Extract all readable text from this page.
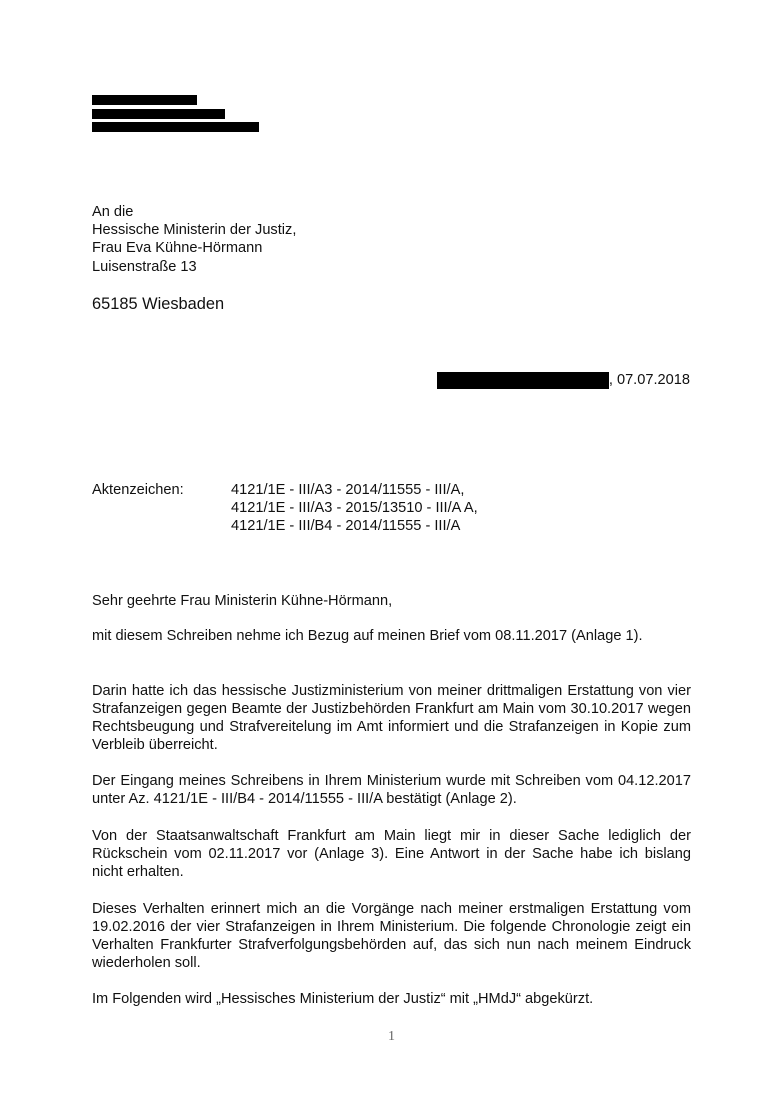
An die
Hessische Ministerin der Justiz,
Frau Eva Kühne-Hörmann
Luisenstraße 13
65185 Wiesbaden
, 07.07.2018
Aktenzeichen:	4121/1E - III/A3 - 2014/11555 - III/A,
4121/1E - III/A3 - 2015/13510 - III/A A,
4121/1E - III/B4 - 2014/11555 - III/A
Sehr geehrte Frau Ministerin Kühne-Hörmann,

mit diesem Schreiben nehme ich Bezug auf meinen Brief vom 08.11.2017 (Anlage 1).

Darin hatte ich das hessische Justizministerium von meiner drittmaligen Erstattung von vier Strafanzeigen gegen Beamte der Justizbehörden Frankfurt am Main vom 30.10.2017 wegen Rechtsbeugung und Strafvereitelung im Amt informiert und die Strafanzeigen in Kopie zum Verbleib überreicht.

Der Eingang meines Schreibens in Ihrem Ministerium wurde mit Schreiben vom 04.12.2017 unter Az. 4121/1E - III/B4 - 2014/11555 - III/A bestätigt (Anlage 2).

Von der Staatsanwaltschaft Frankfurt am Main liegt mir in dieser Sache lediglich der Rückschein vom 02.11.2017 vor (Anlage 3). Eine Antwort in der Sache habe ich bislang nicht erhalten.

Dieses Verhalten erinnert mich an die Vorgänge nach meiner erstmaligen Erstattung vom 19.02.2016 der vier Strafanzeigen in Ihrem Ministerium. Die folgende Chronologie zeigt ein Verhalten Frankfurter Strafverfolgungsbehörden auf, das sich nun nach meinem Eindruck wiederholen soll.

Im Folgenden wird „Hessisches Ministerium der Justiz“ mit „HMdJ“ abgekürzt.

1
